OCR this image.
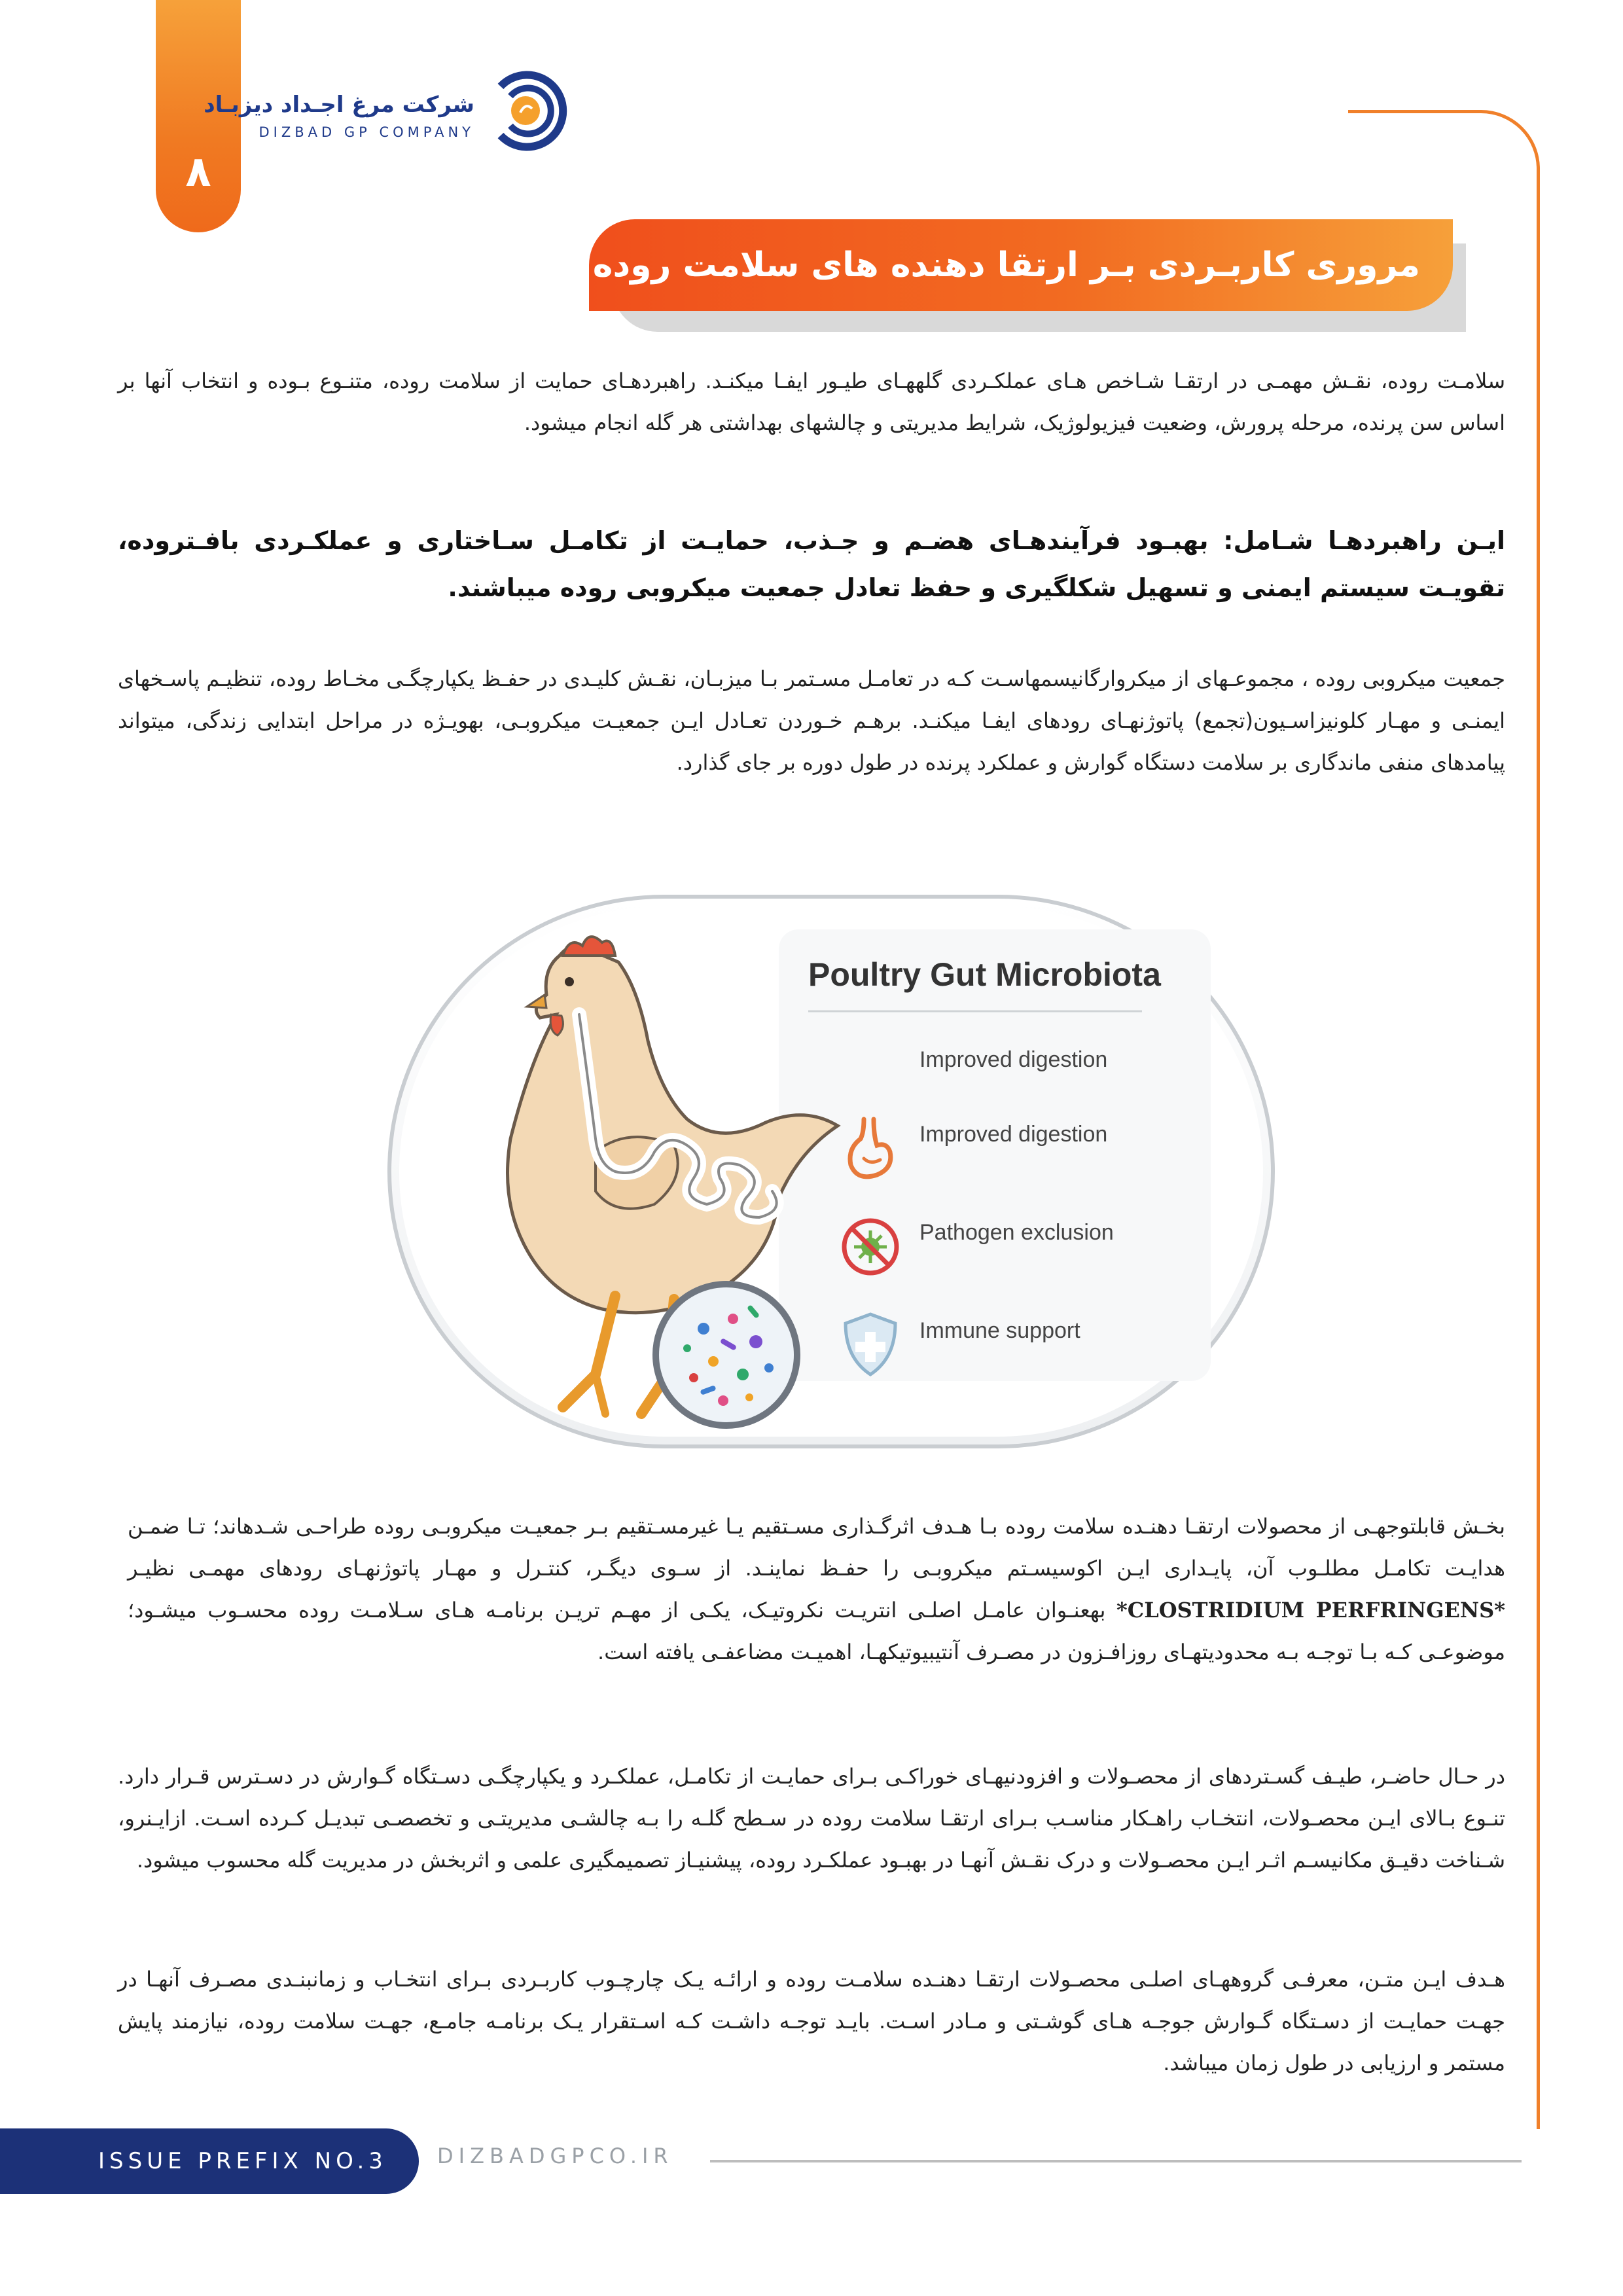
۸
شرکت مرغ اجـداد دیزبـاد
DIZBAD GP COMPANY
مروری کاربـردی بـر ارتقا دهنده های سلامت روده در طیور
سلامـت روده، نقـش مهمـی در ارتقـا شـاخص هـای عملکـردی گلههـای طیـور ایفـا میکنـد. راهبردهـای حمایت از سلامت روده، متنـوع بـوده و انتخاب آنها بر اساس سن پرنده، مرحله پرورش، وضعیت فیزیولوژیک، شرایط مدیریتی و چالشهای بهداشتی هر گله انجام میشود.
ایـن راهبردهـا شـامل: بهبـود فرآیندهـای هضـم و جـذب، حمایـت از تکامـل سـاختاری و عملکـردی بافـتروده، تقویـت سیستم ایمنی و تسهیل شکلگیری و حفظ تعادل جمعیت میکروبی روده میباشند.
جمعیت میکروبی روده ، مجموعـهای از میکروارگانیسمهاسـت کـه در تعامـل مسـتمر بـا میزبـان، نقـش کلیـدی در حفـظ یکپارچگـی مخـاط روده، تنظیـم پاسـخهای ایمنـی و مهـار کلونیزاسـیون(تجمع) پاتوژنهـای رودهای ایفـا میکنـد. برهـم خـوردن تعـادل ایـن جمعیـت میکروبـی، بهویـژه در مراحل ابتدایی زندگی، میتواند پیامدهای منفی ماندگاری بر سلامت دستگاه گوارش و عملکرد پرنده در طول دوره بر جای گذارد.
Poultry Gut Microbiota
Improved digestion
Improved digestion
Pathogen exclusion
Immune support
بخـش قابلتوجهـی از محصولات ارتقـا دهنـده سلامت روده بـا هـدف اثرگـذاری مسـتقیم یـا غیرمسـتقیم بـر جمعیـت میکروبـی روده طراحـی شـدهاند؛ تـا ضمـن هدایـت تکامـل مطلـوب آن، پایـداری ایـن اکوسیسـتم میکروبـی را حفـظ نماینـد. از سـوی دیگـر، کنتـرل و مهـار پاتوژنهـای رودهای مهمـی نظیـر *CLOSTRIDIUM PERFRINGENS* بهعنـوان عامـل اصلـی انتریـت نکروتیـک، یکـی از مهـم تریـن برنامـه هـای سـلامـت روده محسـوب میشـود؛ موضوعـی کـه بـا توجـه بـه محدودیتهـای روزافـزون در مصـرف آنتیبیوتیکهـا، اهمیـت مضاعفـی یافته است.
در حـال حاضـر، طیـف گسـتردهای از محصـولات و افزودنیهـای خوراکـی بـرای حمایـت از تکامـل، عملکـرد و یکپارچگـی دسـتگاه گـوارش در دسـترس قـرار دارد. تنـوع بـالای ایـن محصـولات، انتخـاب راهـکار مناسـب بـرای ارتقـا سلامت روده در سـطح گلـه را بـه چالشـی مدیریتـی و تخصصـی تبدیـل کـرده اسـت. ازایـنرو، شـناخت دقیـق مکانیسـم اثـر ایـن محصـولات و درک نقـش آنهـا در بهبـود عملکـرد روده، پیشنیـاز تصمیمگیری علمی و اثربخش در مدیریت گله محسوب میشود.
هـدف ایـن متـن، معرفـی گروههـای اصلـی محصـولات ارتقـا دهنـده سلامـت روده و ارائـه یـک چارچـوب کاربـردی بـرای انتخـاب و زمانبنـدی مصـرف آنهـا در جهـت حمایـت از دسـتگاه گـوارش جوجـه هـای گوشـتی و مـادر اسـت. بایـد توجـه داشـت کـه اسـتقرار یـک برنامـه جامـع، جهـت سلامت روده، نیازمند پایش مستمر و ارزیابی در طول زمان میباشد.
ISSUE PREFIX NO.3 DIZBADGPCO.IR
